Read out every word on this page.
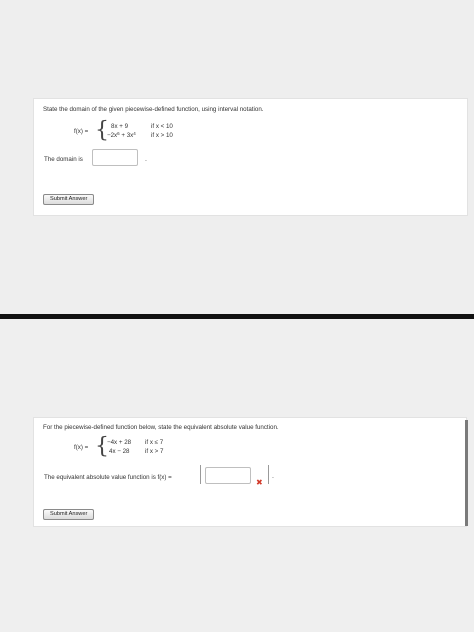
State the domain of the given piecewise-defined function, using interval notation.
f(x) = { 8x + 9	if x < 10
$-2x^6 + 3x^4$ if x > 10
The domain is	.
Submit Answer
For the piecewise-defined function below, state the equivalent absolute value function.
f(x) = {
−4x + 28 if x ≤ 7
4x − 28	if x > 7
The equivalent absolute value function is f(x) =
✖
.
Submit Answer
